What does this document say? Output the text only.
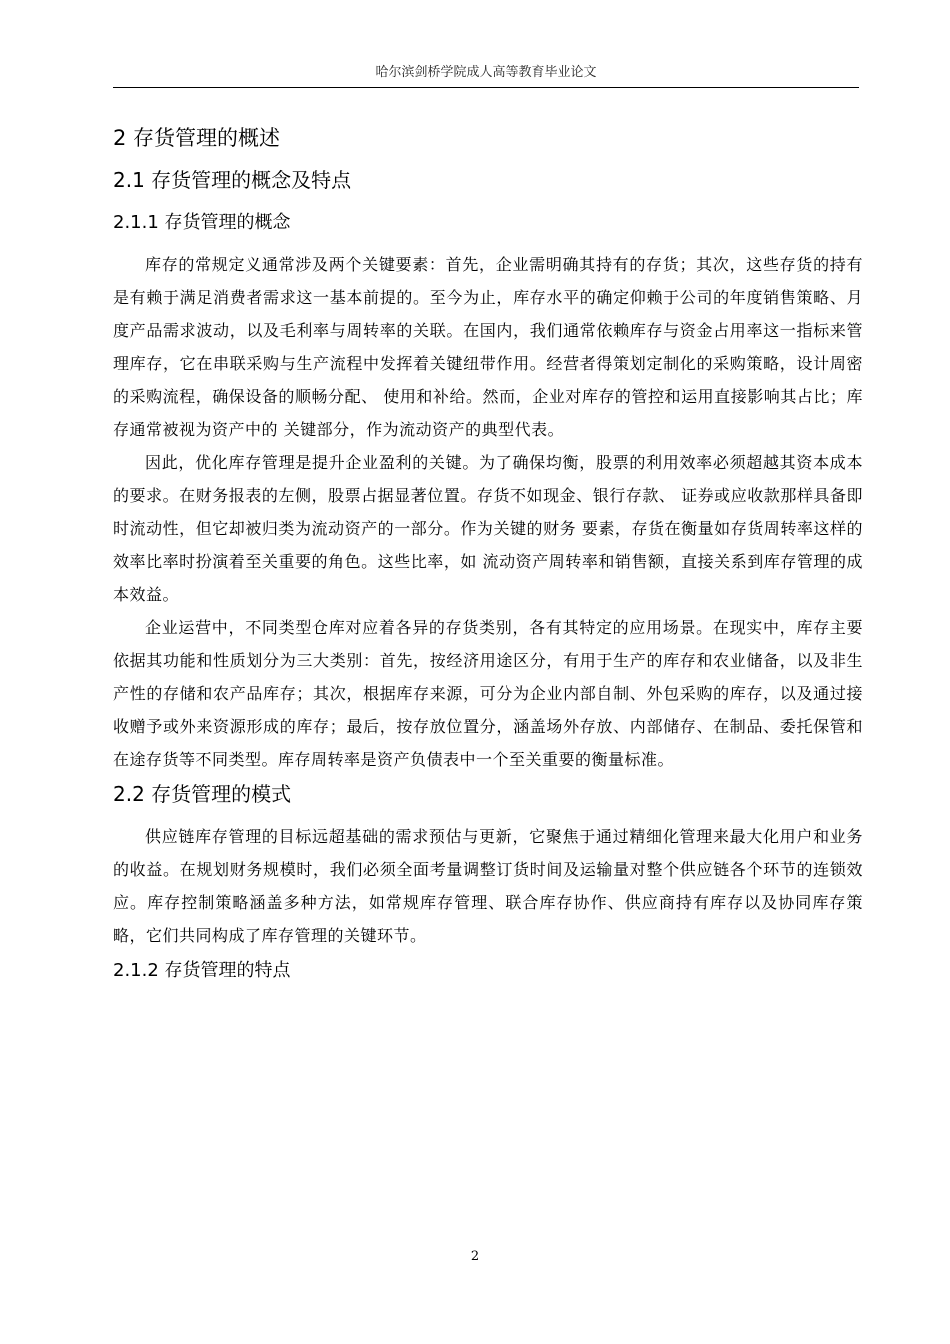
哈尔滨剑桥学院成人高等教育毕业论文
2 存货管理的概述
2.1 存货管理的概念及特点
2.1.1 存货管理的概念

库存的常规定义通常涉及两个关键要素：首先，企业需明确其持有的存货；其次，这些存货的持有是有赖于满足消费者需求这一基本前提的。至今为止，库存水平的确定仰赖于公司的年度销售策略、月度产品需求波动，以及毛利率与周转率的关联。在国内，我们通常依赖库存与资金占用率这一指标来管理库存，它在串联采购与生产流程中发挥着关键纽带作用。经营者得策划定制化的采购策略，设计周密的采购流程，确保设备的顺畅分配、 使用和补给。然而，企业对库存的管控和运用直接影响其占比；库存通常被视为资产中的 关键部分，作为流动资产的典型代表。

因此，优化库存管理是提升企业盈利的关键。为了确保均衡，股票的利用效率必须超越其资本成本的要求。在财务报表的左侧，股票占据显著位置。存货不如现金、银行存款、 证券或应收款那样具备即时流动性，但它却被归类为流动资产的一部分。作为关键的财务 要素，存货在衡量如存货周转率这样的效率比率时扮演着至关重要的角色。这些比率，如 流动资产周转率和销售额，直接关系到库存管理的成本效益。

企业运营中，不同类型仓库对应着各异的存货类别，各有其特定的应用场景。在现实中，库存主要依据其功能和性质划分为三大类别：首先，按经济用途区分，有用于生产的库存和农业储备，以及非生产性的存储和农产品库存；其次，根据库存来源，可分为企业内部自制、外包采购的库存，以及通过接收赠予或外来资源形成的库存；最后，按存放位置分，涵盖场外存放、内部储存、在制品、委托保管和在途存货等不同类型。库存周转率是资产负债表中一个至关重要的衡量标准。

2.2 存货管理的模式

供应链库存管理的目标远超基础的需求预估与更新，它聚焦于通过精细化管理来最大化用户和业务的收益。在规划财务规模时，我们必须全面考量调整订货时间及运输量对整个供应链各个环节的连锁效应。库存控制策略涵盖多种方法，如常规库存管理、联合库存协作、供应商持有库存以及协同库存策略，它们共同构成了库存管理的关键环节。

2.1.2 存货管理的特点
2
